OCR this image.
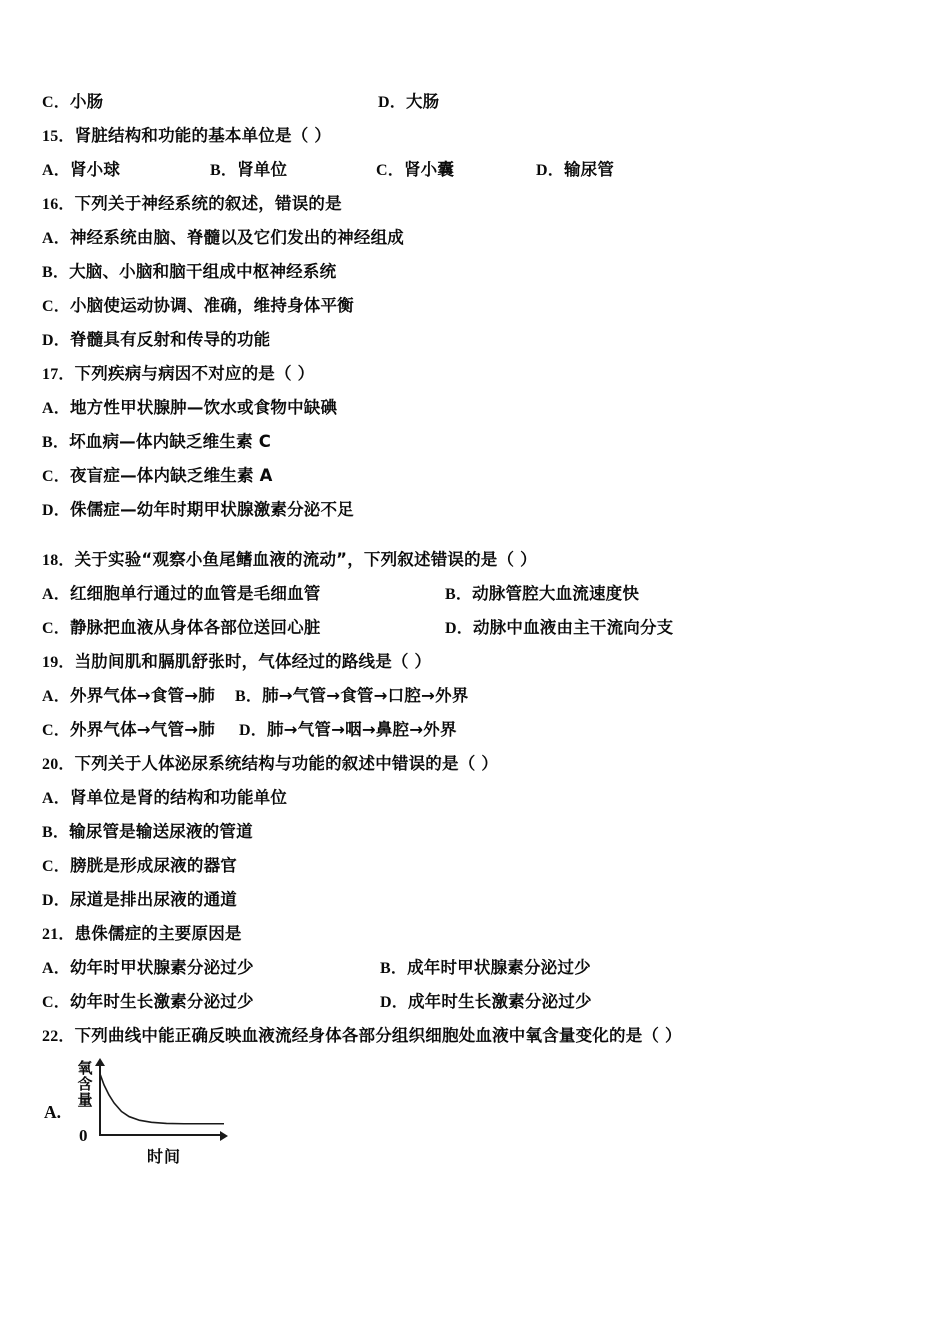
C．小肠	D．大肠
15．肾脏结构和功能的基本单位是（ ）
A．肾小球	B．肾单位	C．肾小囊	D．输尿管
16．下列关于神经系统的叙述，错误的是
A．神经系统由脑、脊髓以及它们发出的神经组成
B．大脑、小脑和脑干组成中枢神经系统
C．小脑使运动协调、准确，维持身体平衡
D．脊髓具有反射和传导的功能
17．下列疾病与病因不对应的是（ ）
A．地方性甲状腺肿—饮水或食物中缺碘
B．坏血病—体内缺乏维生素 C
C．夜盲症—体内缺乏维生素 A
D．侏儒症—幼年时期甲状腺激素分泌不足
18．关于实验“观察小鱼尾鳍血液的流动”，下列叙述错误的是（ ）
A．红细胞单行通过的血管是毛细血管	B．动脉管腔大血流速度快
C．静脉把血液从身体各部位送回心脏	D．动脉中血液由主干流向分支
19．当肋间肌和膈肌舒张时，气体经过的路线是（ ）
A．外界气体→食管→肺 B．肺→气管→食管→口腔→外界
C．外界气体→气管→肺 D．肺→气管→咽→鼻腔→外界
20．下列关于人体泌尿系统结构与功能的叙述中错误的是（ ）
A．肾单位是肾的结构和功能单位
B．输尿管是输送尿液的管道
C．膀胱是形成尿液的器官
D．尿道是排出尿液的通道
21．患侏儒症的主要原因是
A．幼年时甲状腺素分泌过少	B．成年时甲状腺素分泌过少
C．幼年时生长激素分泌过少	D．成年时生长激素分泌过少
22．下列曲线中能正确反映血液流经身体各部分组织细胞处血液中氧含量变化的是（ ）
A.
氧
含
量
0
时间
